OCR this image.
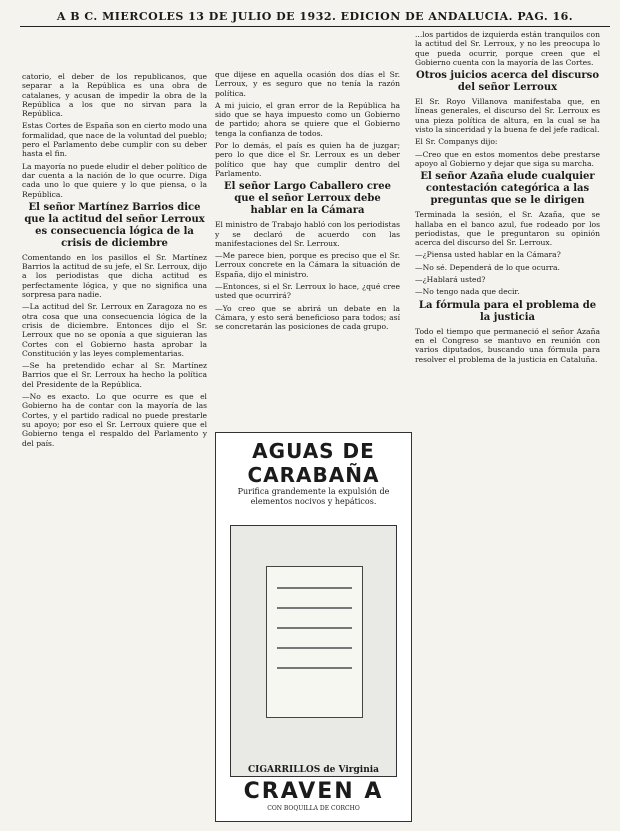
A B C. MIERCOLES 13 DE JULIO DE 1932. EDICION DE ANDALUCIA. PAG. 16.

catorio, el deber de los republicanos, que separar a la República es una obra de catalanes, y acusan de impedir la obra de la República a los que no sirvan para la República.

Estas Cortes de España son en cierto modo una formalidad, que nace de la voluntad del pueblo; pero el Parlamento debe cumplir con su deber hasta el fin.

La mayoría no puede eludir el deber político de dar cuenta a la nación de lo que ocurre. Diga cada uno lo que quiere y lo que piensa, o la República.

El señor Martínez Barrios dice que la actitud del señor Lerroux es consecuencia lógica de la crisis de diciembre

Comentando en los pasillos el Sr. Martínez Barrios la actitud de su jefe, el Sr. Lerroux, dijo a los periodistas que dicha actitud es perfectamente lógica, y que no significa una sorpresa para nadie.

—La actitud del Sr. Lerroux en Zaragoza no es otra cosa que una consecuencia lógica de la crisis de diciembre. Entonces dijo el Sr. Lerroux que no se oponía a que siguieran las Cortes con el Gobierno hasta aprobar la Constitución y las leyes complementarias.

—Se ha pretendido echar al Sr. Martínez Barrios que el Sr. Lerroux ha hecho la política del Presidente de la República.

—No es exacto. Lo que ocurre es que el Gobierno ha de contar con la mayoría de las Cortes, y el partido radical no puede prestarle su apoyo; por eso el Sr. Lerroux quiere que el Gobierno tenga el respaldo del Parlamento y del país.

que dijese en aquella ocasión dos días el Sr. Lerroux, y es seguro que no tenía la razón política.

A mi juicio, el gran error de la República ha sido que se haya impuesto como un Gobierno de partido; ahora se quiere que el Gobierno tenga la confianza de todos.

Por lo demás, el país es quien ha de juzgar; pero lo que dice el Sr. Lerroux es un deber político que hay que cumplir dentro del Parlamento.

El señor Largo Caballero cree que el señor Lerroux debe hablar en la Cámara

El ministro de Trabajo habló con los periodistas y se declaró de acuerdo con las manifestaciones del Sr. Lerroux.

—Me parece bien, porque es preciso que el Sr. Lerroux concrete en la Cámara la situación de España, dijo el ministro.

—Entonces, si el Sr. Lerroux lo hace, ¿qué cree usted que ocurrirá?

—Yo creo que se abrirá un debate en la Cámara, y esto será beneficioso para todos; así se concretarán las posiciones de cada grupo.

AGUAS DE CARABAÑA
Purifica grandemente la expulsión de elementos nocivos y hepáticos.
CIGARRILLOS de Virginia
CRAVEN A
CON BOQUILLA DE CORCHO

...los partidos de izquierda están tranquilos con la actitud del Sr. Lerroux, y no les preocupa lo que pueda ocurrir, porque creen que el Gobierno cuenta con la mayoría de las Cortes.

Otros juicios acerca del discurso del señor Lerroux

El Sr. Royo Villanova manifestaba que, en líneas generales, el discurso del Sr. Lerroux es una pieza política de altura, en la cual se ha visto la sinceridad y la buena fe del jefe radical.

El Sr. Companys dijo:

—Creo que en estos momentos debe prestarse apoyo al Gobierno y dejar que siga su marcha.

El señor Azaña elude cualquier contestación categórica a las preguntas que se le dirigen

Terminada la sesión, el Sr. Azaña, que se hallaba en el banco azul, fue rodeado por los periodistas, que le preguntaron su opinión acerca del discurso del Sr. Lerroux.

—¿Piensa usted hablar en la Cámara?

—No sé. Dependerá de lo que ocurra.

—¿Hablará usted?

—No tengo nada que decir.

La fórmula para el problema de la justicia

Todo el tiempo que permaneció el señor Azaña en el Congreso se mantuvo en reunión con varios diputados, buscando una fórmula para resolver el problema de la justicia en Cataluña.
